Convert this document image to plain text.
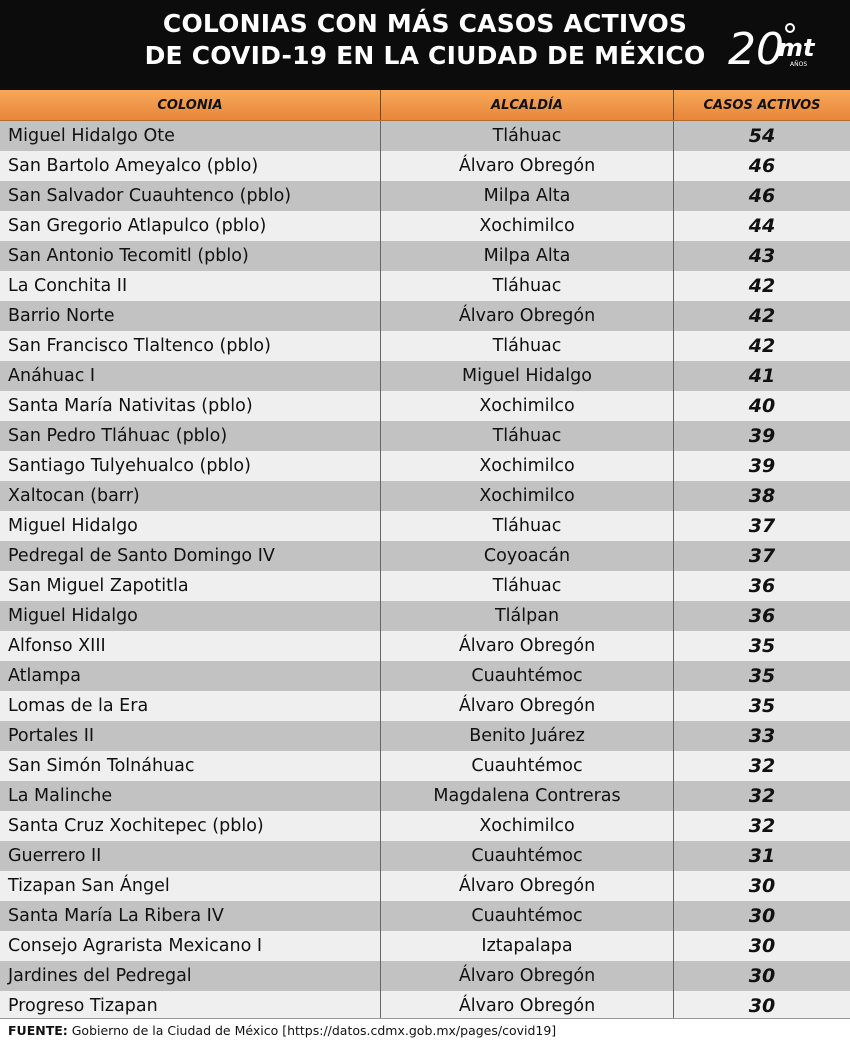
COLONIAS CON MÁS CASOS ACTIVOS
DE COVID-19 EN LA CIUDAD DE MÉXICO 20
mt
AÑOS
COLONIA	ALCALDÍA	CASOS ACTIVOS
Miguel Hidalgo Ote	Tláhuac	54
San Bartolo Ameyalco (pblo)	Álvaro Obregón	46
San Salvador Cuauhtenco (pblo)	Milpa Alta	46
San Gregorio Atlapulco (pblo)	Xochimilco	44
San Antonio Tecomitl (pblo)	Milpa Alta	43
La Conchita II	Tláhuac	42
Barrio Norte	Álvaro Obregón	42
San Francisco Tlaltenco (pblo)	Tláhuac	42
Anáhuac I	Miguel Hidalgo	41
Santa María Nativitas (pblo)	Xochimilco	40
San Pedro Tláhuac (pblo)	Tláhuac	39
Santiago Tulyehualco (pblo)	Xochimilco	39
Xaltocan (barr)	Xochimilco	38
Miguel Hidalgo	Tláhuac	37
Pedregal de Santo Domingo IV	Coyoacán	37
San Miguel Zapotitla	Tláhuac	36
Miguel Hidalgo	Tlálpan	36
Alfonso XIII	Álvaro Obregón	35
Atlampa	Cuauhtémoc	35
Lomas de la Era	Álvaro Obregón	35
Portales II	Benito Juárez	33
San Simón Tolnáhuac	Cuauhtémoc	32
La Malinche	Magdalena Contreras	32
Santa Cruz Xochitepec (pblo)	Xochimilco	32
Guerrero II	Cuauhtémoc	31
Tizapan San Ángel	Álvaro Obregón	30
Santa María La Ribera IV	Cuauhtémoc	30
Consejo Agrarista Mexicano I	Iztapalapa	30
Jardines del Pedregal	Álvaro Obregón	30
Progreso Tizapan	Álvaro Obregón	30
FUENTE: Gobierno de la Ciudad de México [https://datos.cdmx.gob.mx/pages/covid19]
